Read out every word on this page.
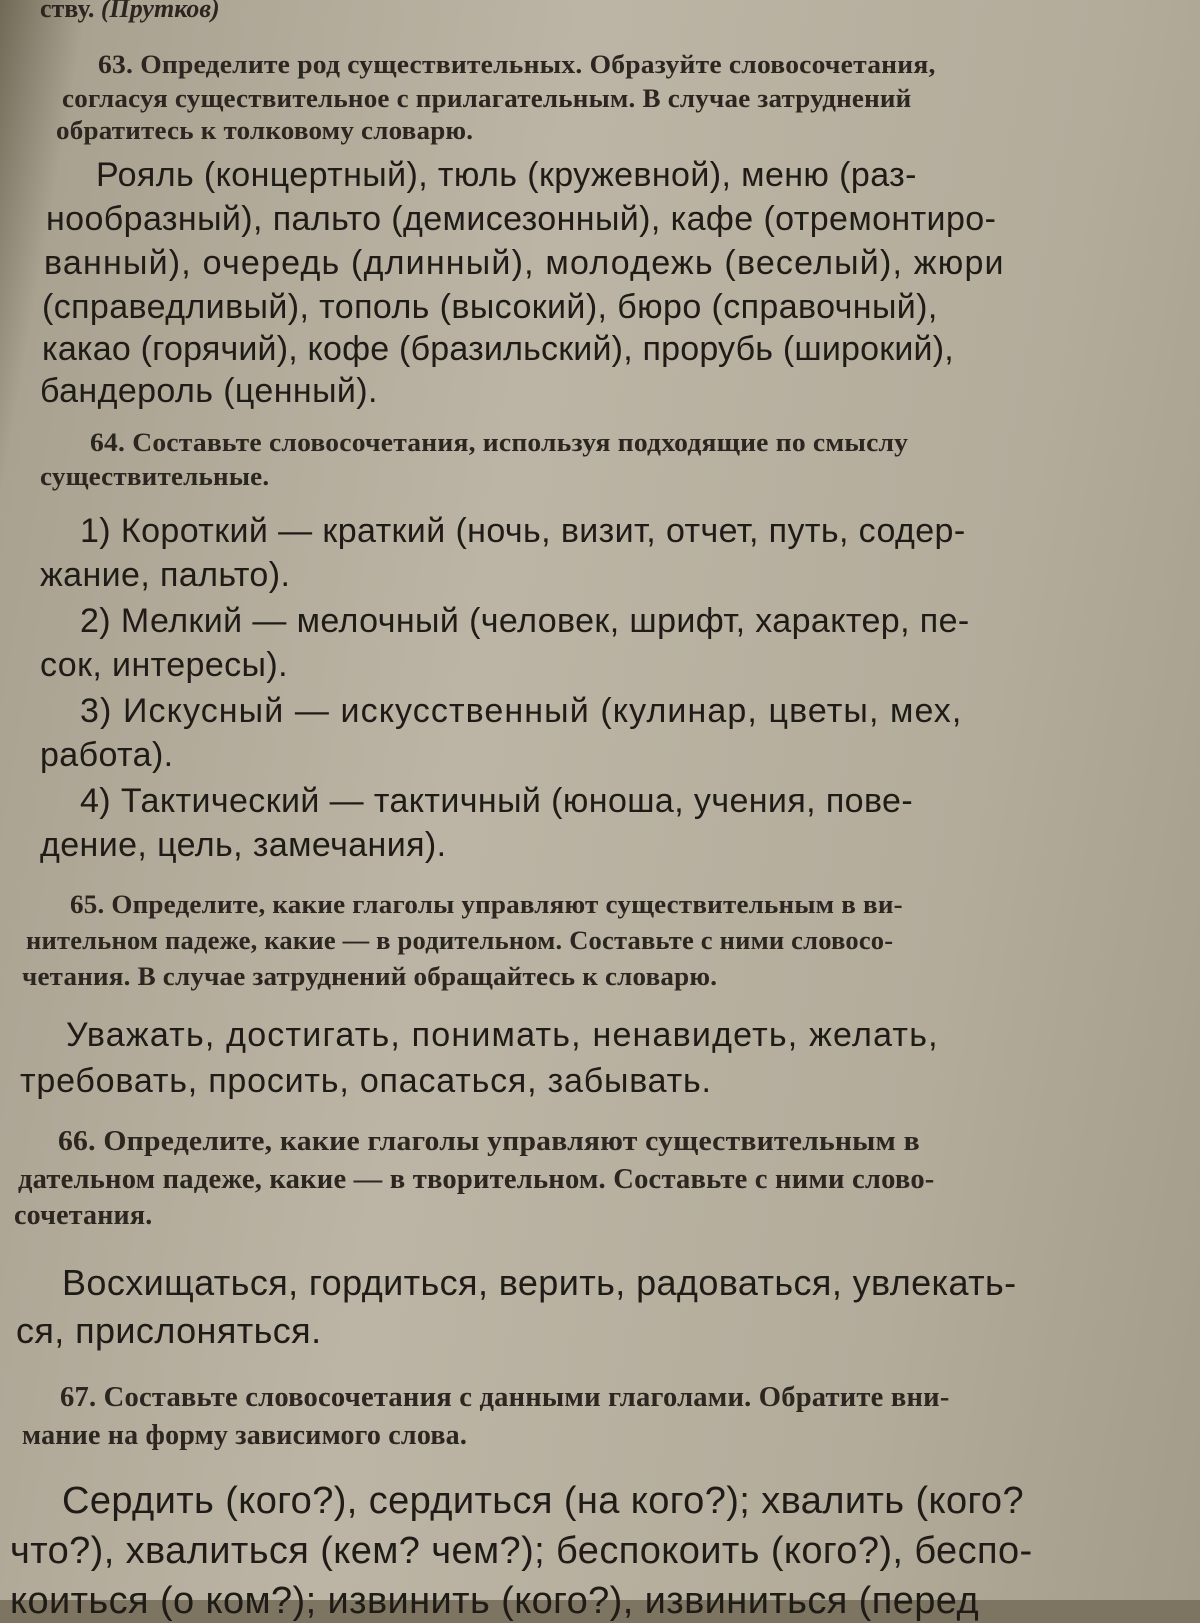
ству. (Прутков)
63. Определите род существительных. Образуйте словосочетания,
согласуя существительное с прилагательным. В случае затруднений
обратитесь к толковому словарю.
Рояль (концертный), тюль (кружевной), меню (раз-
нообразный), пальто (демисезонный), кафе (отремонтиро-
ванный), очередь (длинный), молодежь (веселый), жюри
(справедливый), тополь (высокий), бюро (справочный),
какао (горячий), кофе (бразильский), прорубь (широкий),
бандероль (ценный).
64. Составьте словосочетания, используя подходящие по смыслу
существительные.
1) Короткий — краткий (ночь, визит, отчет, путь, содер-
жание, пальто).
2) Мелкий — мелочный (человек, шрифт, характер, пе-
сок, интересы).
3) Искусный — искусственный (кулинар, цветы, мех,
работа).
4) Тактический — тактичный (юноша, учения, пове-
дение, цель, замечания).
65. Определите, какие глаголы управляют существительным в ви-
нительном падеже, какие — в родительном. Составьте с ними словосо-
четания. В случае затруднений обращайтесь к словарю.
Уважать, достигать, понимать, ненавидеть, желать,
требовать, просить, опасаться, забывать.
66. Определите, какие глаголы управляют существительным в
дательном падеже, какие — в творительном. Составьте с ними слово-
сочетания.
Восхищаться, гордиться, верить, радоваться, увлекать-
ся, прислоняться.
67. Составьте словосочетания с данными глаголами. Обратите вни-
мание на форму зависимого слова.
Сердить (кого?), сердиться (на кого?); хвалить (кого?
что?), хвалиться (кем? чем?); беспокоить (кого?), беспо-
коиться (о ком?); извинить (кого?), извиниться (перед
